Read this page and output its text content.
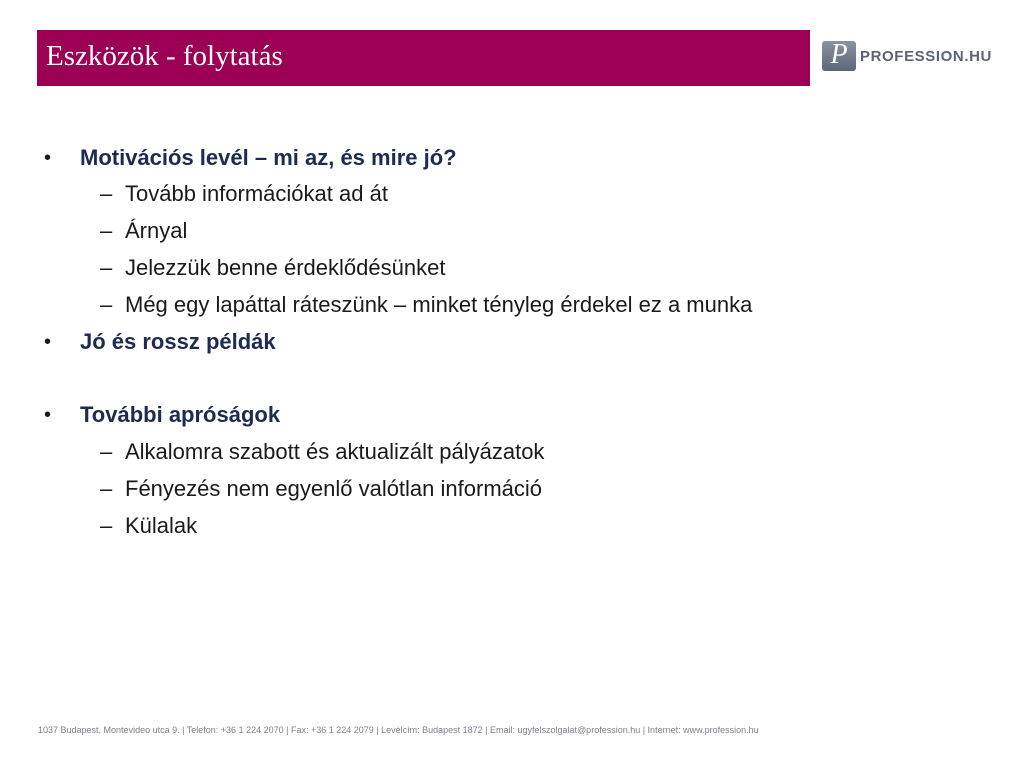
Eszközök - folytatás	P PROFESSION.HU
• Motivációs levél – mi az, és mire jó?
– Tovább információkat ad át
– Árnyal
– Jelezzük benne érdeklődésünket
– Még egy lapáttal ráteszünk – minket tényleg érdekel ez a munka
• Jó és rossz példák
• További apróságok
– Alkalomra szabott és aktualizált pályázatok
– Fényezés nem egyenlő valótlan információ
– Külalak
1037 Budapest, Montevideo utca 9. | Telefon: +36 1 224 2070 | Fax: +36 1 224 2079 | Levélcím: Budapest 1872 | Email: ugyfelszolgalat@profession.hu | Internet: www.profession.hu
